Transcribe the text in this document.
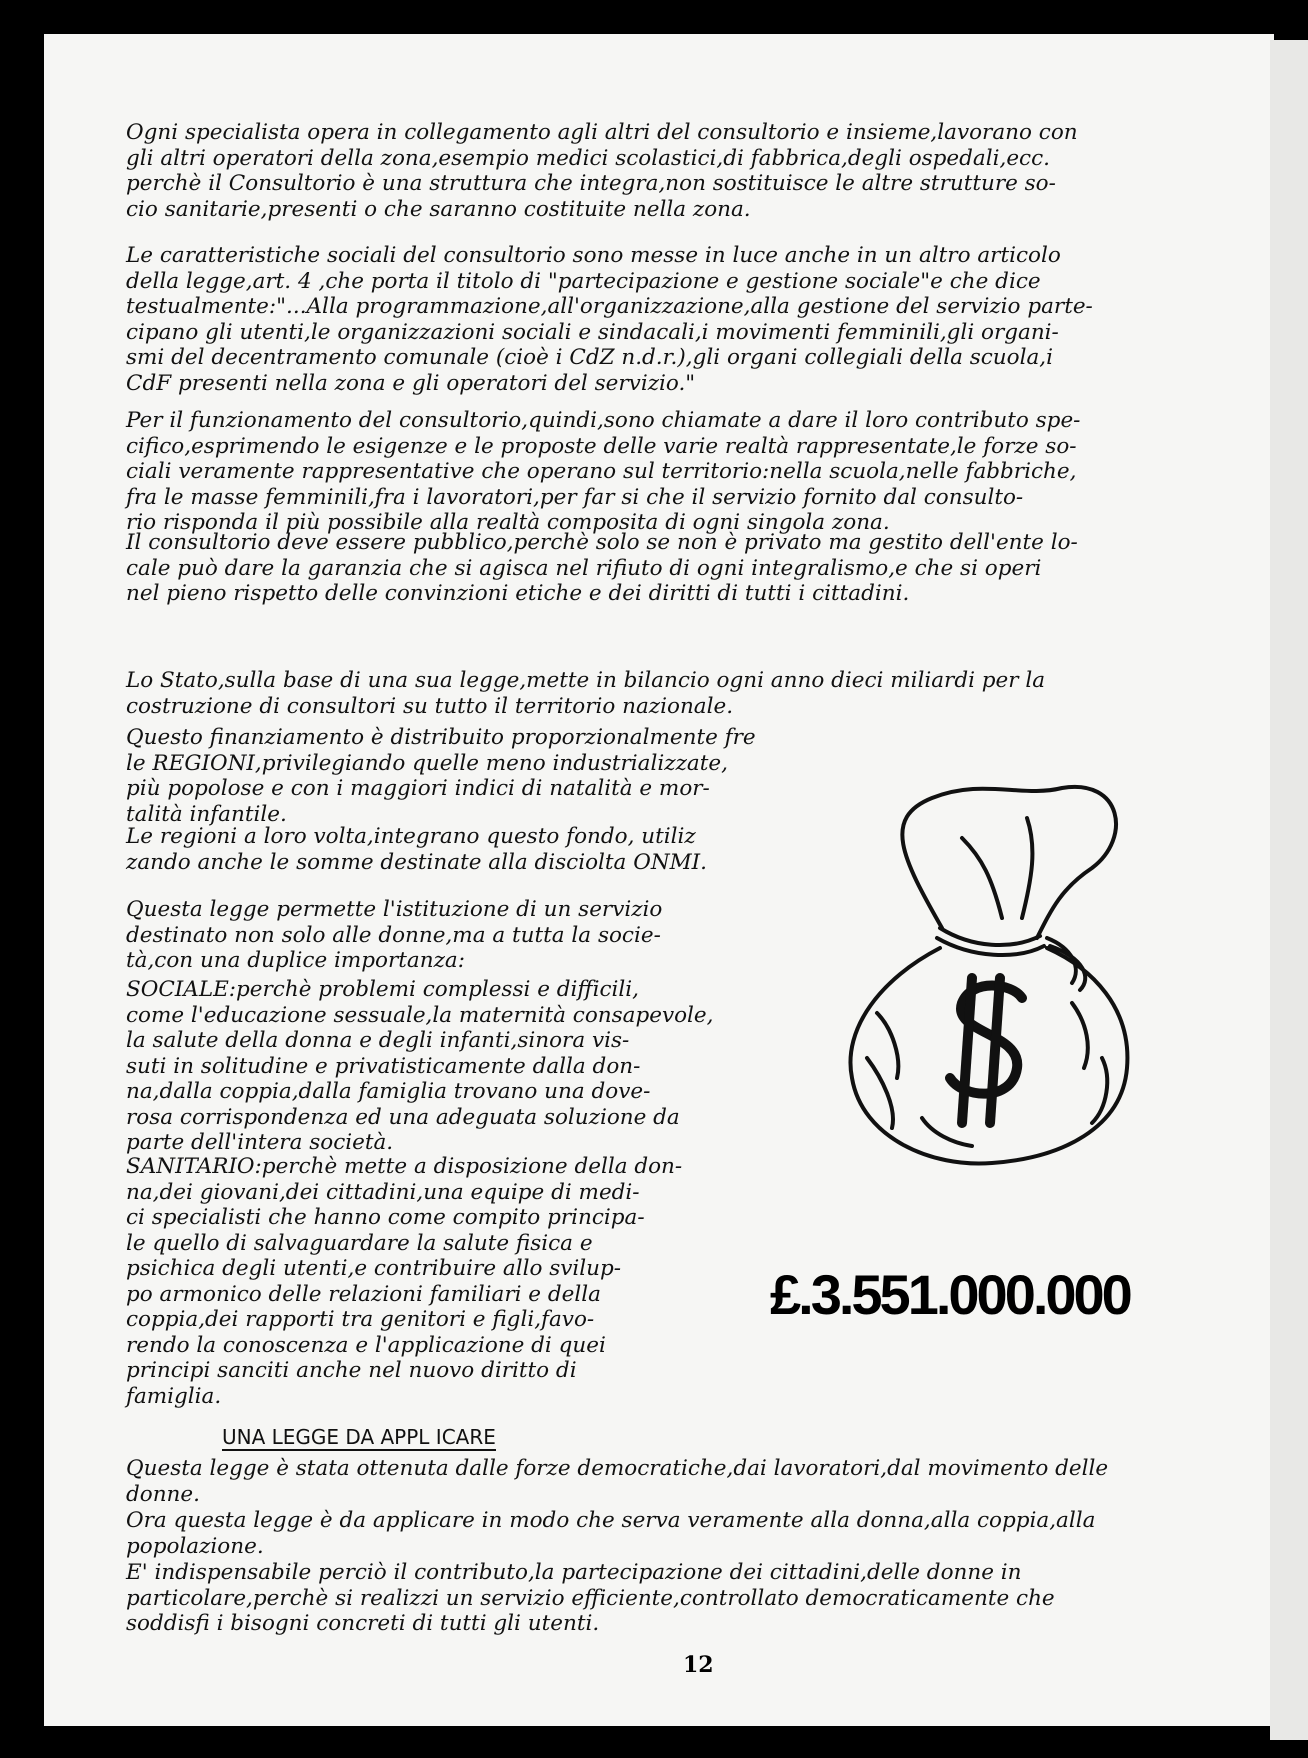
Ogni specialista opera in collegamento agli altri del consultorio e insieme,lavorano con
gli altri operatori della zona,esempio medici scolastici,di fabbrica,degli ospedali,ecc.
perchè il Consultorio è una struttura che integra,non sostituisce le altre strutture so-
cio sanitarie,presenti o che saranno costituite nella zona.

Le caratteristiche sociali del consultorio sono messe in luce anche in un altro articolo
della legge,art. 4 ,che porta il titolo di "partecipazione e gestione sociale"e che dice
testualmente:"...Alla programmazione,all'organizzazione,alla gestione del servizio parte-
cipano gli utenti,le organizzazioni sociali e sindacali,i movimenti femminili,gli organi-
smi del decentramento comunale (cioè i CdZ n.d.r.),gli organi collegiali della scuola,i
CdF presenti nella zona e gli operatori del servizio."

Per il funzionamento del consultorio,quindi,sono chiamate a dare il loro contributo spe-
cifico,esprimendo le esigenze e le proposte delle varie realtà rappresentate,le forze so-
ciali veramente rappresentative che operano sul territorio:nella scuola,nelle fabbriche,
fra le masse femminili,fra i lavoratori,per far si che il servizio fornito dal consulto-
rio risponda il più possibile alla realtà composita di ogni singola zona.

Il consultorio deve essere pubblico,perchè solo se non è privato ma gestito dell'ente lo-
cale può dare la garanzia che si agisca nel rifiuto di ogni integralismo,e che si operi
nel pieno rispetto delle convinzioni etiche e dei diritti di tutti i cittadini.

Lo Stato,sulla base di una sua legge,mette in bilancio ogni anno dieci miliardi per la
costruzione di consultori su tutto il territorio nazionale.

Questo finanziamento è distribuito proporzionalmente fre
le REGIONI,privilegiando quelle meno industrializzate,
più popolose e con i maggiori indici di natalità e mor-
talità infantile.

Le regioni a loro volta,integrano questo fondo, utiliz
zando anche le somme destinate alla disciolta ONMI.

Questa legge permette l'istituzione di un servizio
destinato non solo alle donne,ma a tutta la socie-
tà,con una duplice importanza:

SOCIALE:perchè problemi complessi e difficili,
come l'educazione sessuale,la maternità consapevole,
la salute della donna e degli infanti,sinora vis-
suti in solitudine e privatisticamente dalla don-
na,dalla coppia,dalla famiglia trovano una dove-
rosa corrispondenza ed una adeguata soluzione da
parte dell'intera società.

SANITARIO:perchè mette a disposizione della don-
na,dei giovani,dei cittadini,una equipe di medi-
ci specialisti che hanno come compito principa-
le quello di salvaguardare la salute fisica e
psichica degli utenti,e contribuire allo svilup-
po armonico delle relazioni familiari e della
coppia,dei rapporti tra genitori e figli,favo-
rendo la conoscenza e l'applicazione di quei
principi sanciti anche nel nuovo diritto di
famiglia.

£.3.551.000.000

UNA LEGGE DA APPL ICARE

Questa legge è stata ottenuta dalle forze democratiche,dai lavoratori,dal movimento delle
donne.

Ora questa legge è da applicare in modo che serva veramente alla donna,alla coppia,alla
popolazione.

E' indispensabile perciò il contributo,la partecipazione dei cittadini,delle donne in
particolare,perchè si realizzi un servizio efficiente,controllato democraticamente che
soddisfi i bisogni concreti di tutti gli utenti.

12
